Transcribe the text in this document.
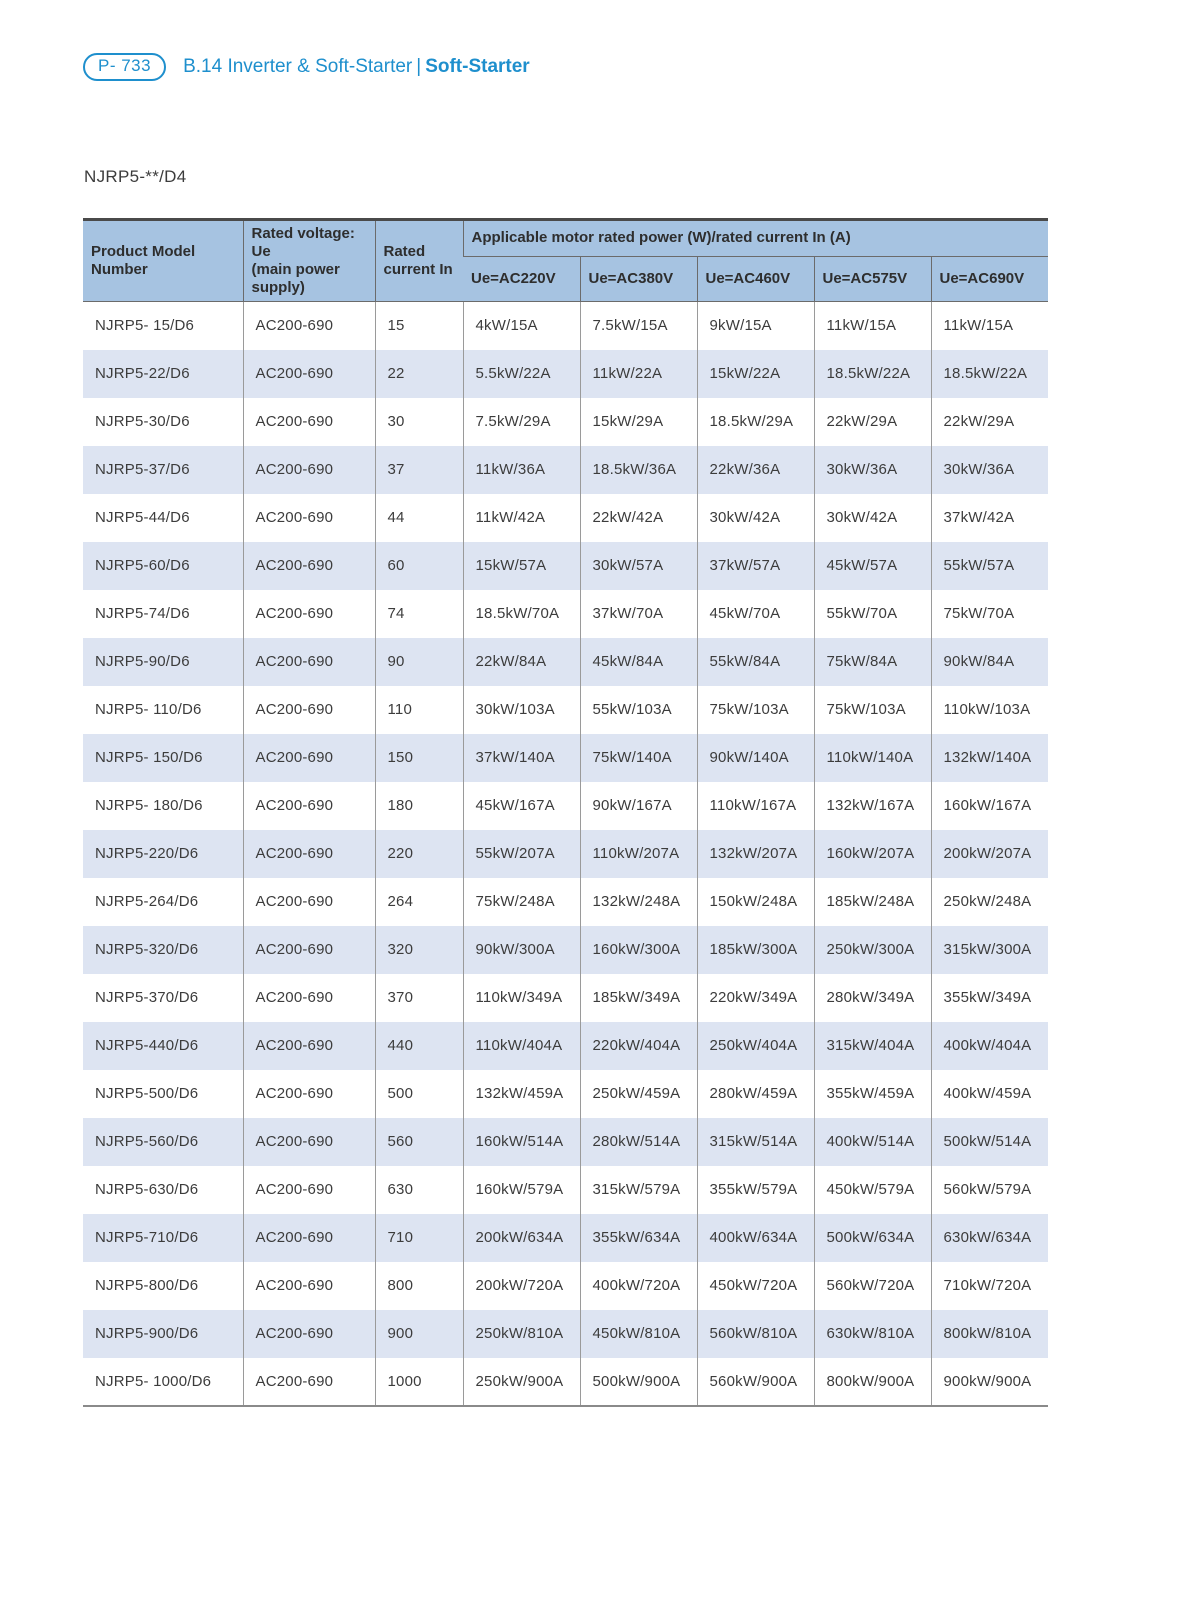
P- 733	B.14 Inverter & Soft-Starter | Soft-Starter
NJRP5-**/D4
Product Model
Number	Rated voltage:
Ue
(main power supply)	Rated current In	Applicable motor rated power (W)/rated current In (A)				
			Ue=AC220V	Ue=AC380V	Ue=AC460V	Ue=AC575V	Ue=AC690V
NJRP5- 15/D6	AC200-690	15	4kW/15A	7.5kW/15A	9kW/15A	11kW/15A	11kW/15A
NJRP5-22/D6	AC200-690	22	5.5kW/22A	11kW/22A	15kW/22A	18.5kW/22A	18.5kW/22A
NJRP5-30/D6	AC200-690	30	7.5kW/29A	15kW/29A	18.5kW/29A	22kW/29A	22kW/29A
NJRP5-37/D6	AC200-690	37	11kW/36A	18.5kW/36A	22kW/36A	30kW/36A	30kW/36A
NJRP5-44/D6	AC200-690	44	11kW/42A	22kW/42A	30kW/42A	30kW/42A	37kW/42A
NJRP5-60/D6	AC200-690	60	15kW/57A	30kW/57A	37kW/57A	45kW/57A	55kW/57A
NJRP5-74/D6	AC200-690	74	18.5kW/70A	37kW/70A	45kW/70A	55kW/70A	75kW/70A
NJRP5-90/D6	AC200-690	90	22kW/84A	45kW/84A	55kW/84A	75kW/84A	90kW/84A
NJRP5- 110/D6	AC200-690	110	30kW/103A	55kW/103A	75kW/103A	75kW/103A	110kW/103A
NJRP5- 150/D6	AC200-690	150	37kW/140A	75kW/140A	90kW/140A	110kW/140A	132kW/140A
NJRP5- 180/D6	AC200-690	180	45kW/167A	90kW/167A	110kW/167A	132kW/167A	160kW/167A
NJRP5-220/D6	AC200-690	220	55kW/207A	110kW/207A	132kW/207A	160kW/207A	200kW/207A
NJRP5-264/D6	AC200-690	264	75kW/248A	132kW/248A	150kW/248A	185kW/248A	250kW/248A
NJRP5-320/D6	AC200-690	320	90kW/300A	160kW/300A	185kW/300A	250kW/300A	315kW/300A
NJRP5-370/D6	AC200-690	370	110kW/349A	185kW/349A	220kW/349A	280kW/349A	355kW/349A
NJRP5-440/D6	AC200-690	440	110kW/404A	220kW/404A	250kW/404A	315kW/404A	400kW/404A
NJRP5-500/D6	AC200-690	500	132kW/459A	250kW/459A	280kW/459A	355kW/459A	400kW/459A
NJRP5-560/D6	AC200-690	560	160kW/514A	280kW/514A	315kW/514A	400kW/514A	500kW/514A
NJRP5-630/D6	AC200-690	630	160kW/579A	315kW/579A	355kW/579A	450kW/579A	560kW/579A
NJRP5-710/D6	AC200-690	710	200kW/634A	355kW/634A	400kW/634A	500kW/634A	630kW/634A
NJRP5-800/D6	AC200-690	800	200kW/720A	400kW/720A	450kW/720A	560kW/720A	710kW/720A
NJRP5-900/D6	AC200-690	900	250kW/810A	450kW/810A	560kW/810A	630kW/810A	800kW/810A
NJRP5- 1000/D6	AC200-690	1000	250kW/900A	500kW/900A	560kW/900A	800kW/900A	900kW/900A
